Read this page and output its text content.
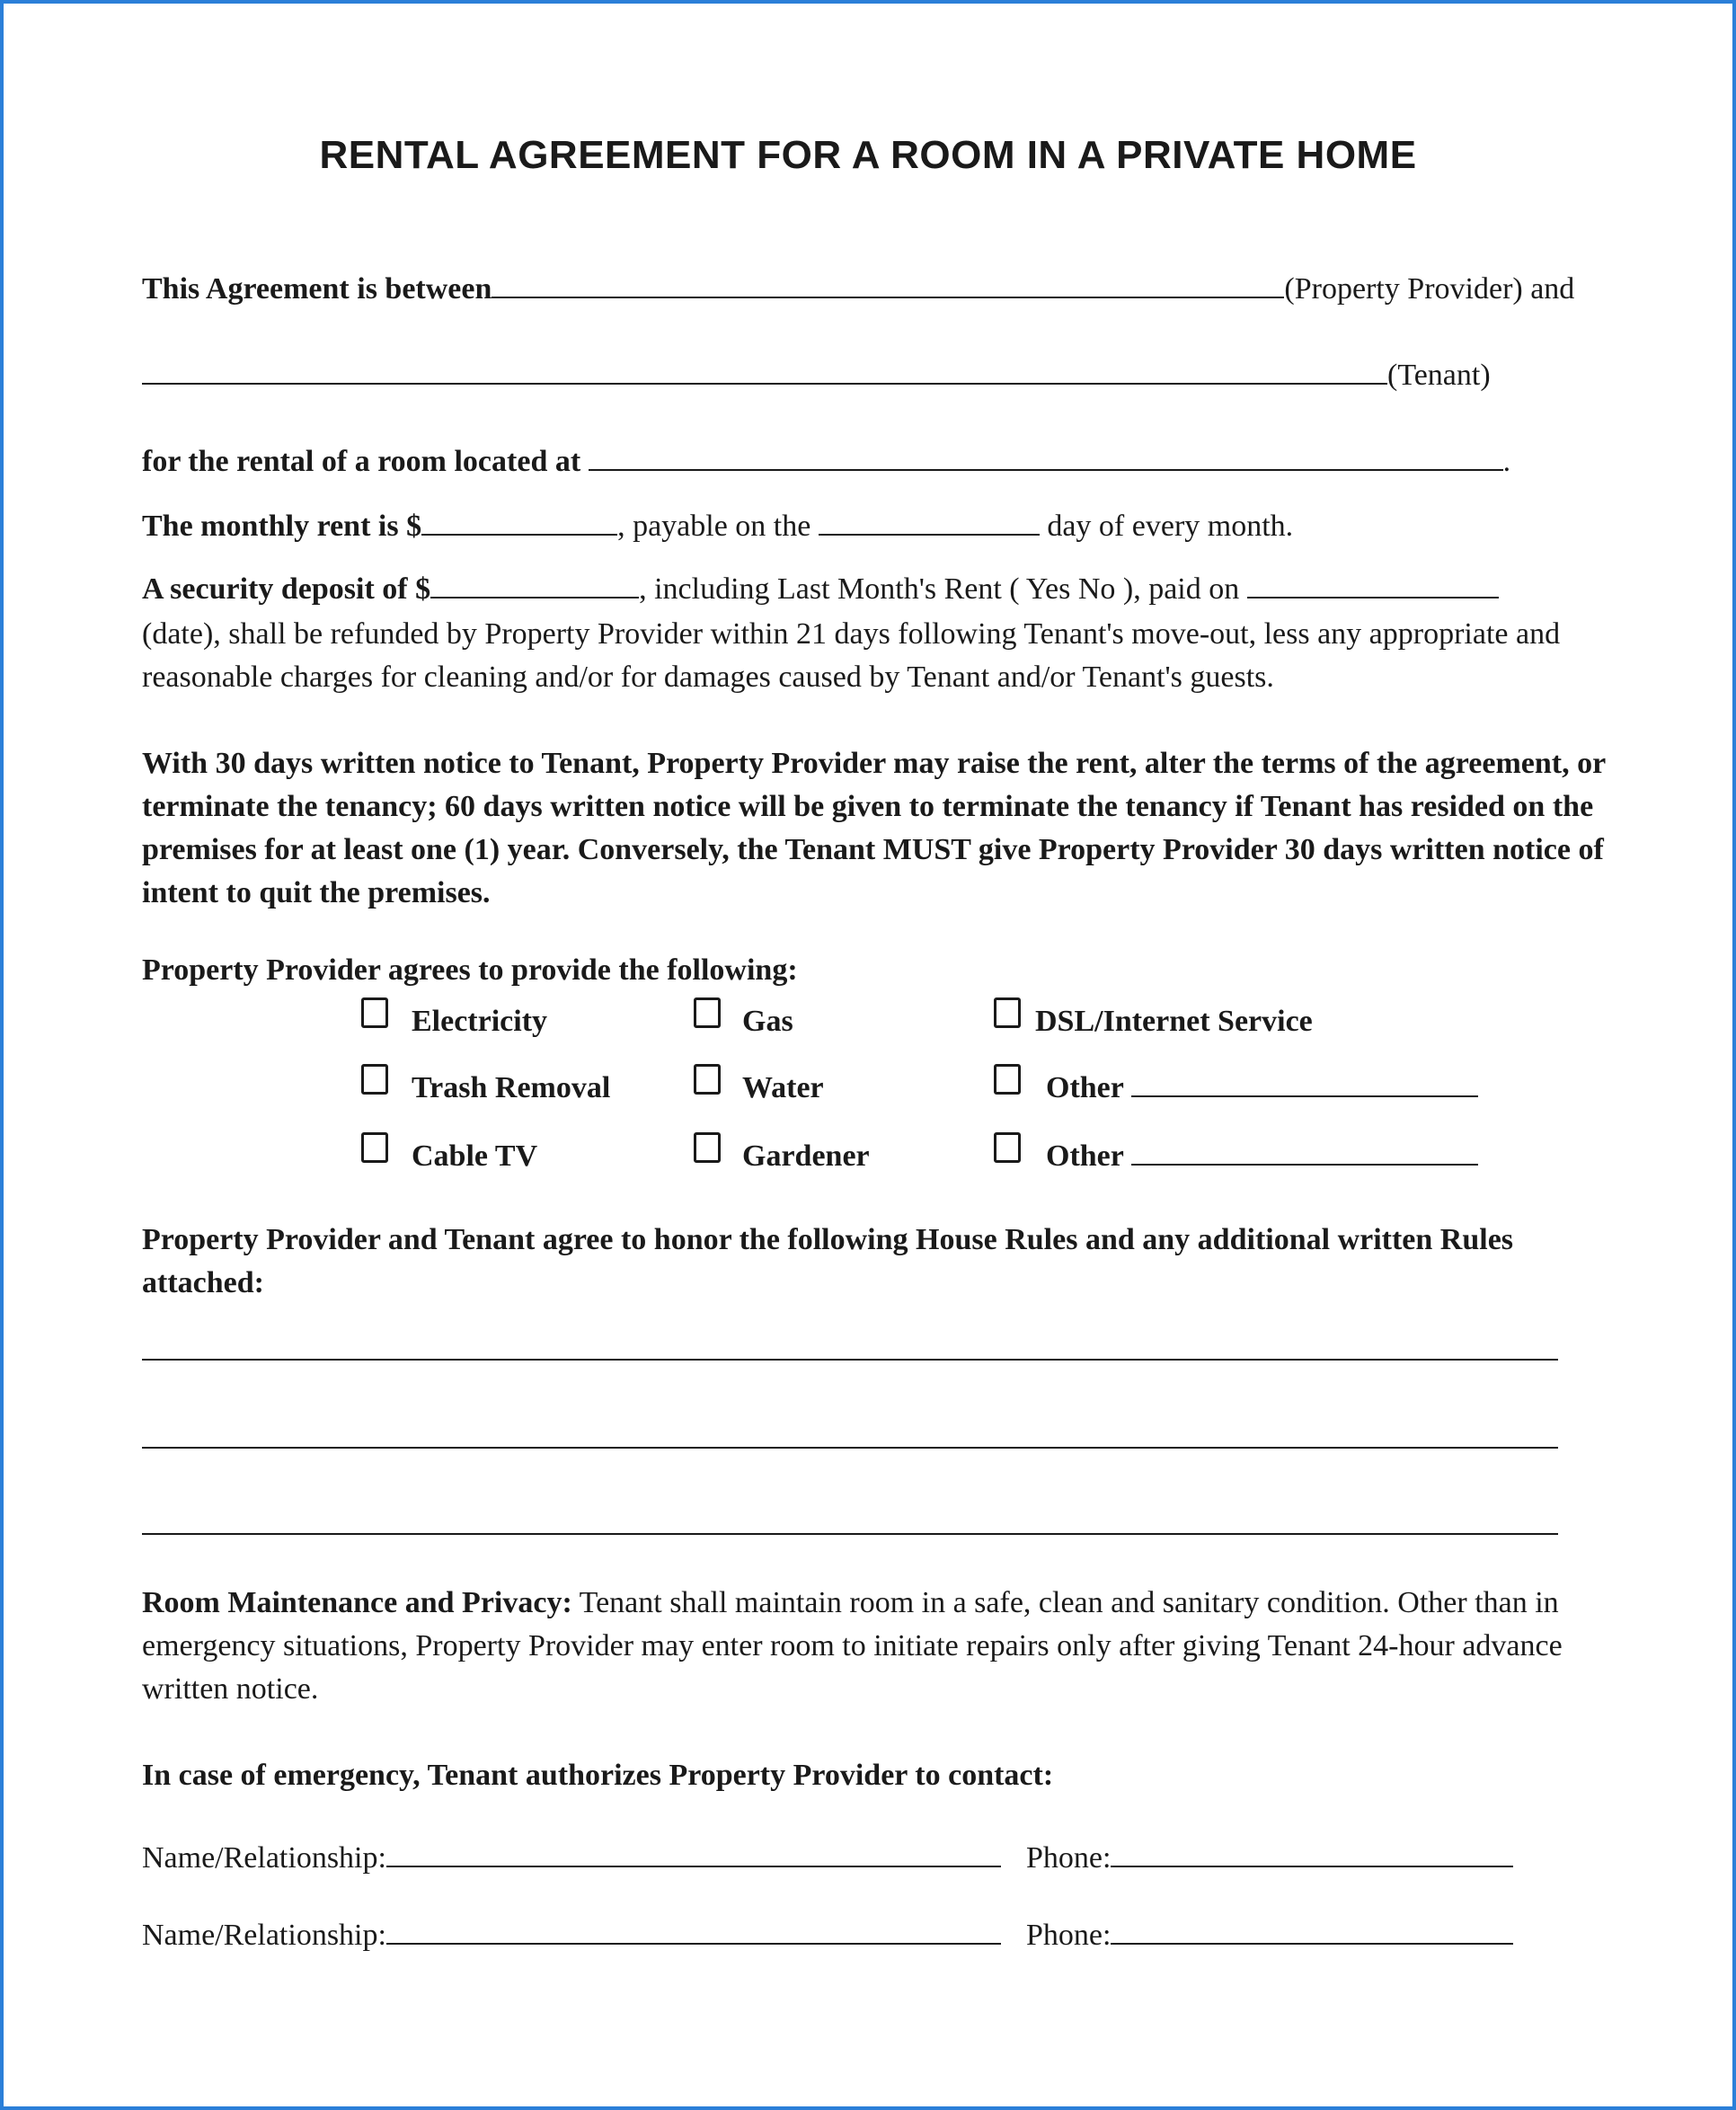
RENTAL AGREEMENT FOR A ROOM IN A PRIVATE HOME
This Agreement is between	(Property Provider) and
(Tenant)
for the rental of a room located at	.
The monthly rent is $	, payable on the	day of every month.
A security deposit of $	, including Last Month's Rent ( Yes No ), paid on
(date), shall be refunded by Property Provider within 21 days following Tenant's move-out, less any appropriate and reasonable charges for cleaning and/or for damages caused by Tenant and/or Tenant's guests.
With 30 days written notice to Tenant, Property Provider may raise the rent, alter the terms of the agreement, or terminate the tenancy; 60 days written notice will be given to terminate the tenancy if Tenant has resided on the premises for at least one (1) year. Conversely, the Tenant MUST give Property Provider 30 days written notice of intent to quit the premises.
Property Provider agrees to provide the following:
Electricity	Gas	DSL/Internet Service
Trash Removal	Water	Other
Cable TV	Gardener	Other
Property Provider and Tenant agree to honor the following House Rules and any additional written Rules attached:
Room Maintenance and Privacy: Tenant shall maintain room in a safe, clean and sanitary condition. Other than in emergency situations, Property Provider may enter room to initiate repairs only after giving Tenant 24-hour advance written notice.
In case of emergency, Tenant authorizes Property Provider to contact:
Name/Relationship:	Phone:
Name/Relationship:	Phone:
